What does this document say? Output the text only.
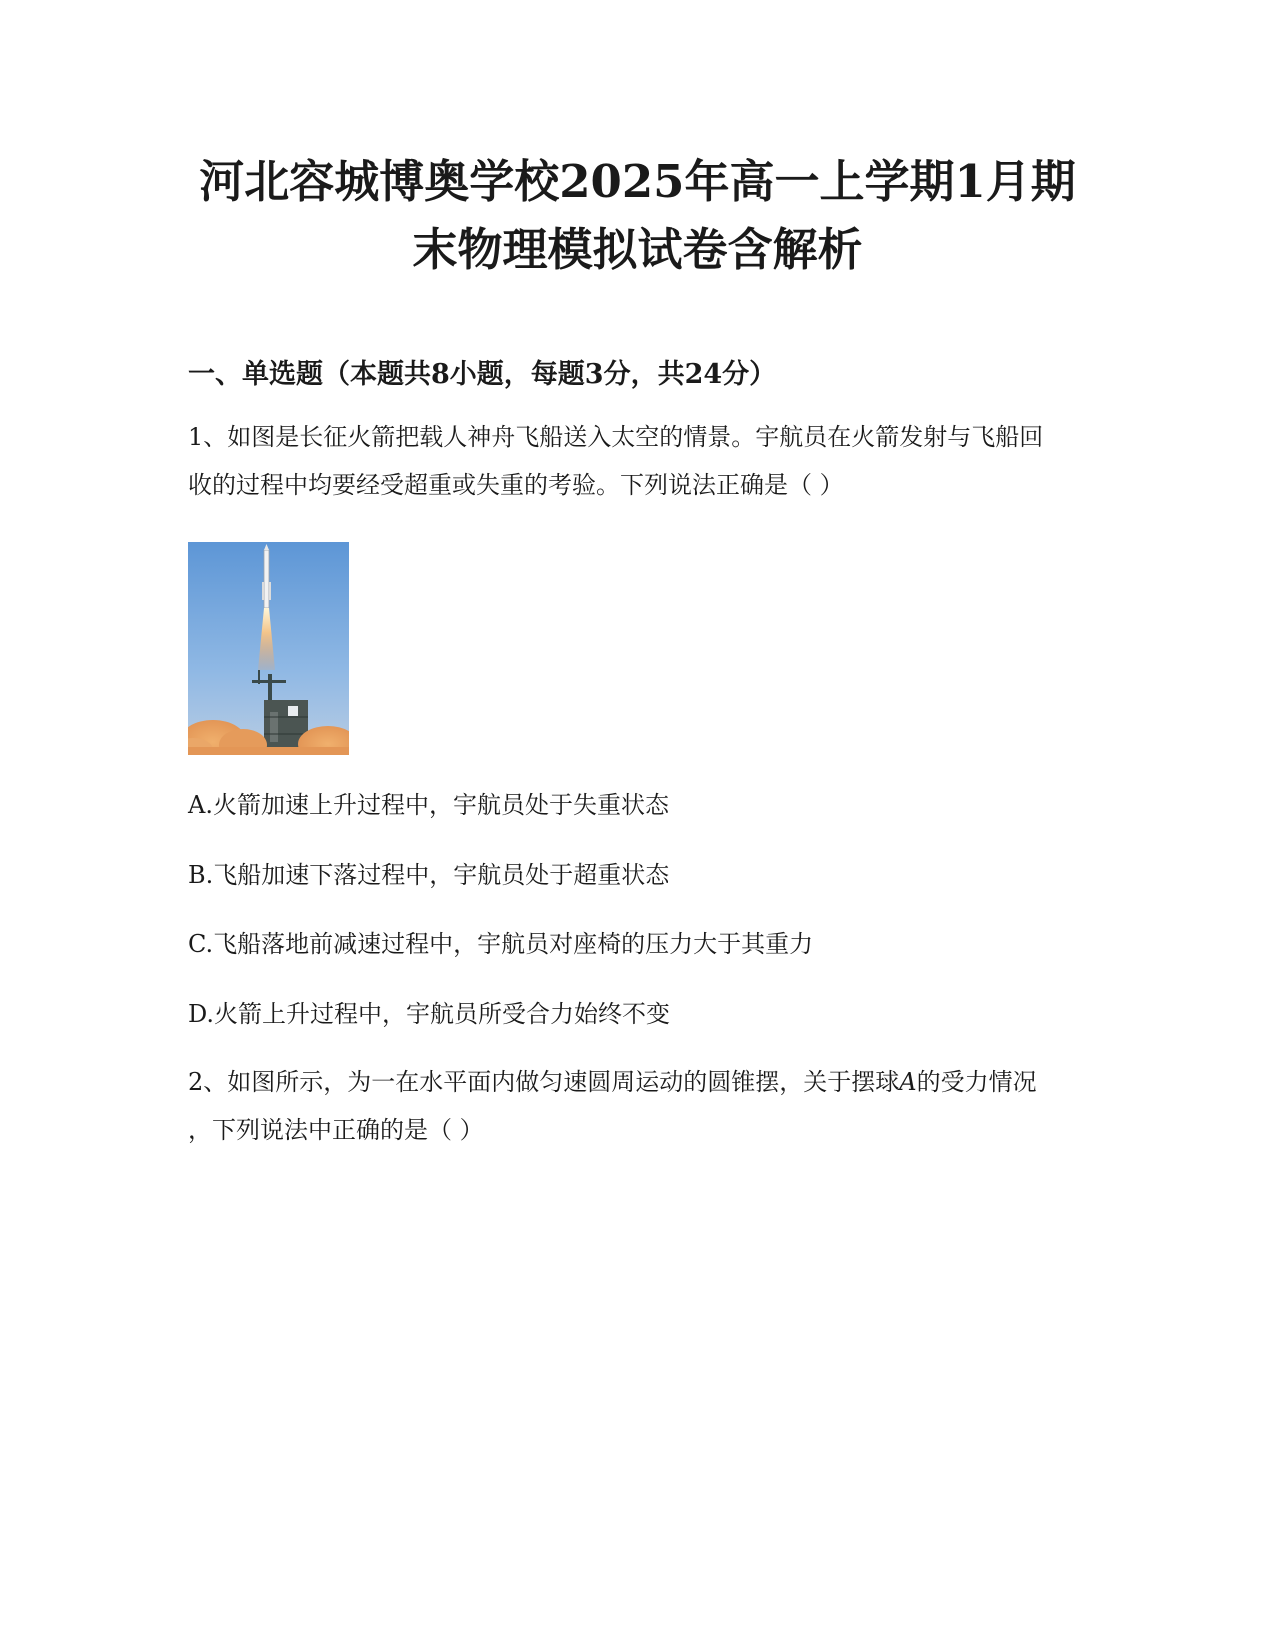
河北容城博奥学校2025年高一上学期1月期
末物理模拟试卷含解析
一、单选题（本题共8小题，每题3分，共24分）

1、如图是长征火箭把载人神舟飞船送入太空的情景。宇航员在火箭发射与飞船回

收的过程中均要经受超重或失重的考验。下列说法正确是（ ）

A.火箭加速上升过程中，宇航员处于失重状态
B.飞船加速下落过程中，宇航员处于超重状态
C.飞船落地前减速过程中，宇航员对座椅的压力大于其重力
D.火箭上升过程中，宇航员所受合力始终不变

2、如图所示，为一在水平面内做匀速圆周运动的圆锥摆，关于摆球A的受力情况

，下列说法中正确的是（ ）
